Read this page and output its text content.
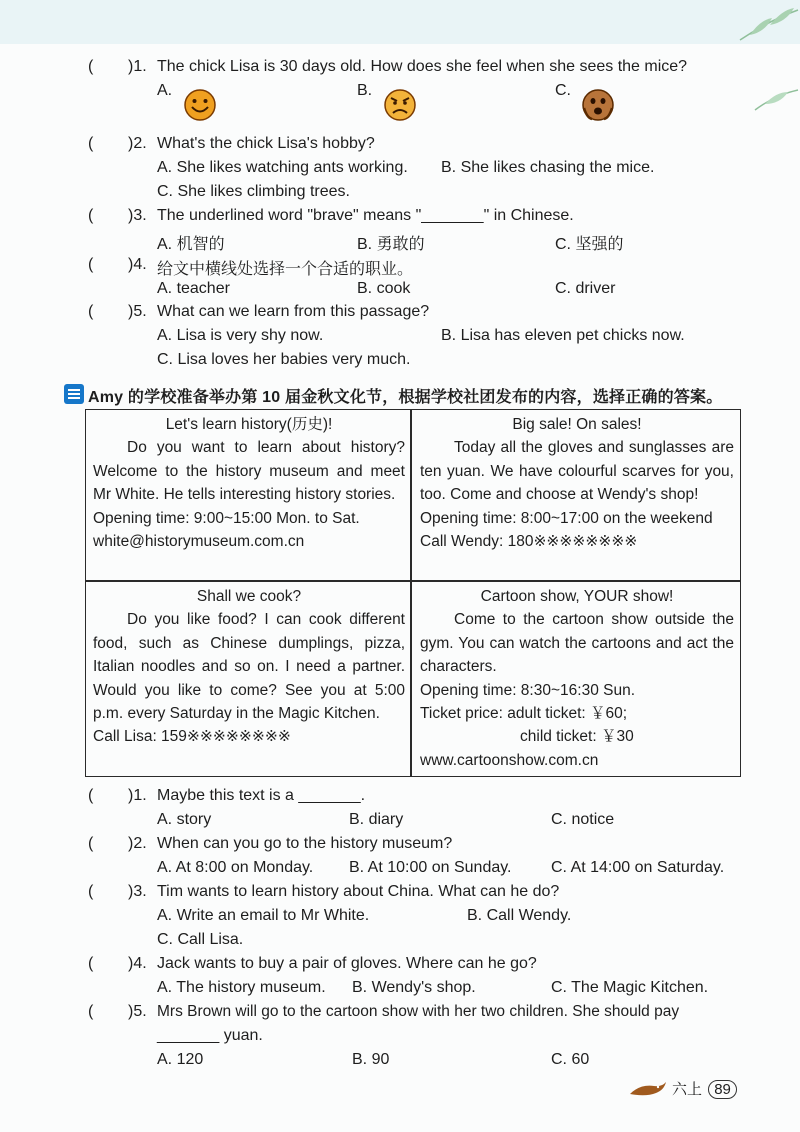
( )1. The chick Lisa is 30 days old. How does she feel when she sees the mice?
A.	B.	C.
( )2. What's the chick Lisa's hobby?
A. She likes watching ants working. B. She likes chasing the mice.
C. She likes climbing trees.
( )3. The underlined word "brave" means "_______" in Chinese.
A. 机智的	B. 勇敢的	C. 坚强的
( )4. 给文中横线处选择一个合适的职业。
A. teacher	B. cook	C. driver
( )5. What can we learn from this passage?
A. Lisa is very shy now.	B. Lisa has eleven pet chicks now.
C. Lisa loves her babies very much.
Amy 的学校准备举办第 10 届金秋文化节，根据学校社团发布的内容，选择正确的答案。
Let's learn history(历史)!
Do you want to learn about history? Welcome to the history museum and meet Mr White. He tells interesting history stories.
Opening time: 9:00~15:00 Mon. to Sat.
white@historymuseum.com.cn
Big sale! On sales!
Today all the gloves and sunglasses are ten yuan. We have colourful scarves for you, too. Come and choose at Wendy's shop!
Opening time: 8:00~17:00 on the weekend
Call Wendy: 180※※※※※※※※
Shall we cook?
Do you like food? I can cook different food, such as Chinese dumplings, pizza, Italian noodles and so on. I need a partner. Would you like to come? See you at 5:00 p.m. every Saturday in the Magic Kitchen.
Call Lisa: 159※※※※※※※※
Cartoon show, YOUR show!
Come to the cartoon show outside the gym. You can watch the cartoons and act the characters.
Opening time: 8:30~16:30 Sun.
Ticket price: adult ticket: ￥60;
child ticket: ￥30
www.cartoonshow.com.cn
( )1. Maybe this text is a _______.
A. story	B. diary	C. notice
( )2. When can you go to the history museum?
A. At 8:00 on Monday. B. At 10:00 on Sunday. C. At 14:00 on Saturday.
( )3. Tim wants to learn history about China. What can he do?
A. Write an email to Mr White.	B. Call Wendy.
C. Call Lisa.
( )4. Jack wants to buy a pair of gloves. Where can he go?
A. The history museum. B. Wendy's shop.	C. The Magic Kitchen.
( )5. Mrs Brown will go to the cartoon show with her two children. She should pay
_______ yuan.
A. 120	B. 90	C. 60
六上 89
